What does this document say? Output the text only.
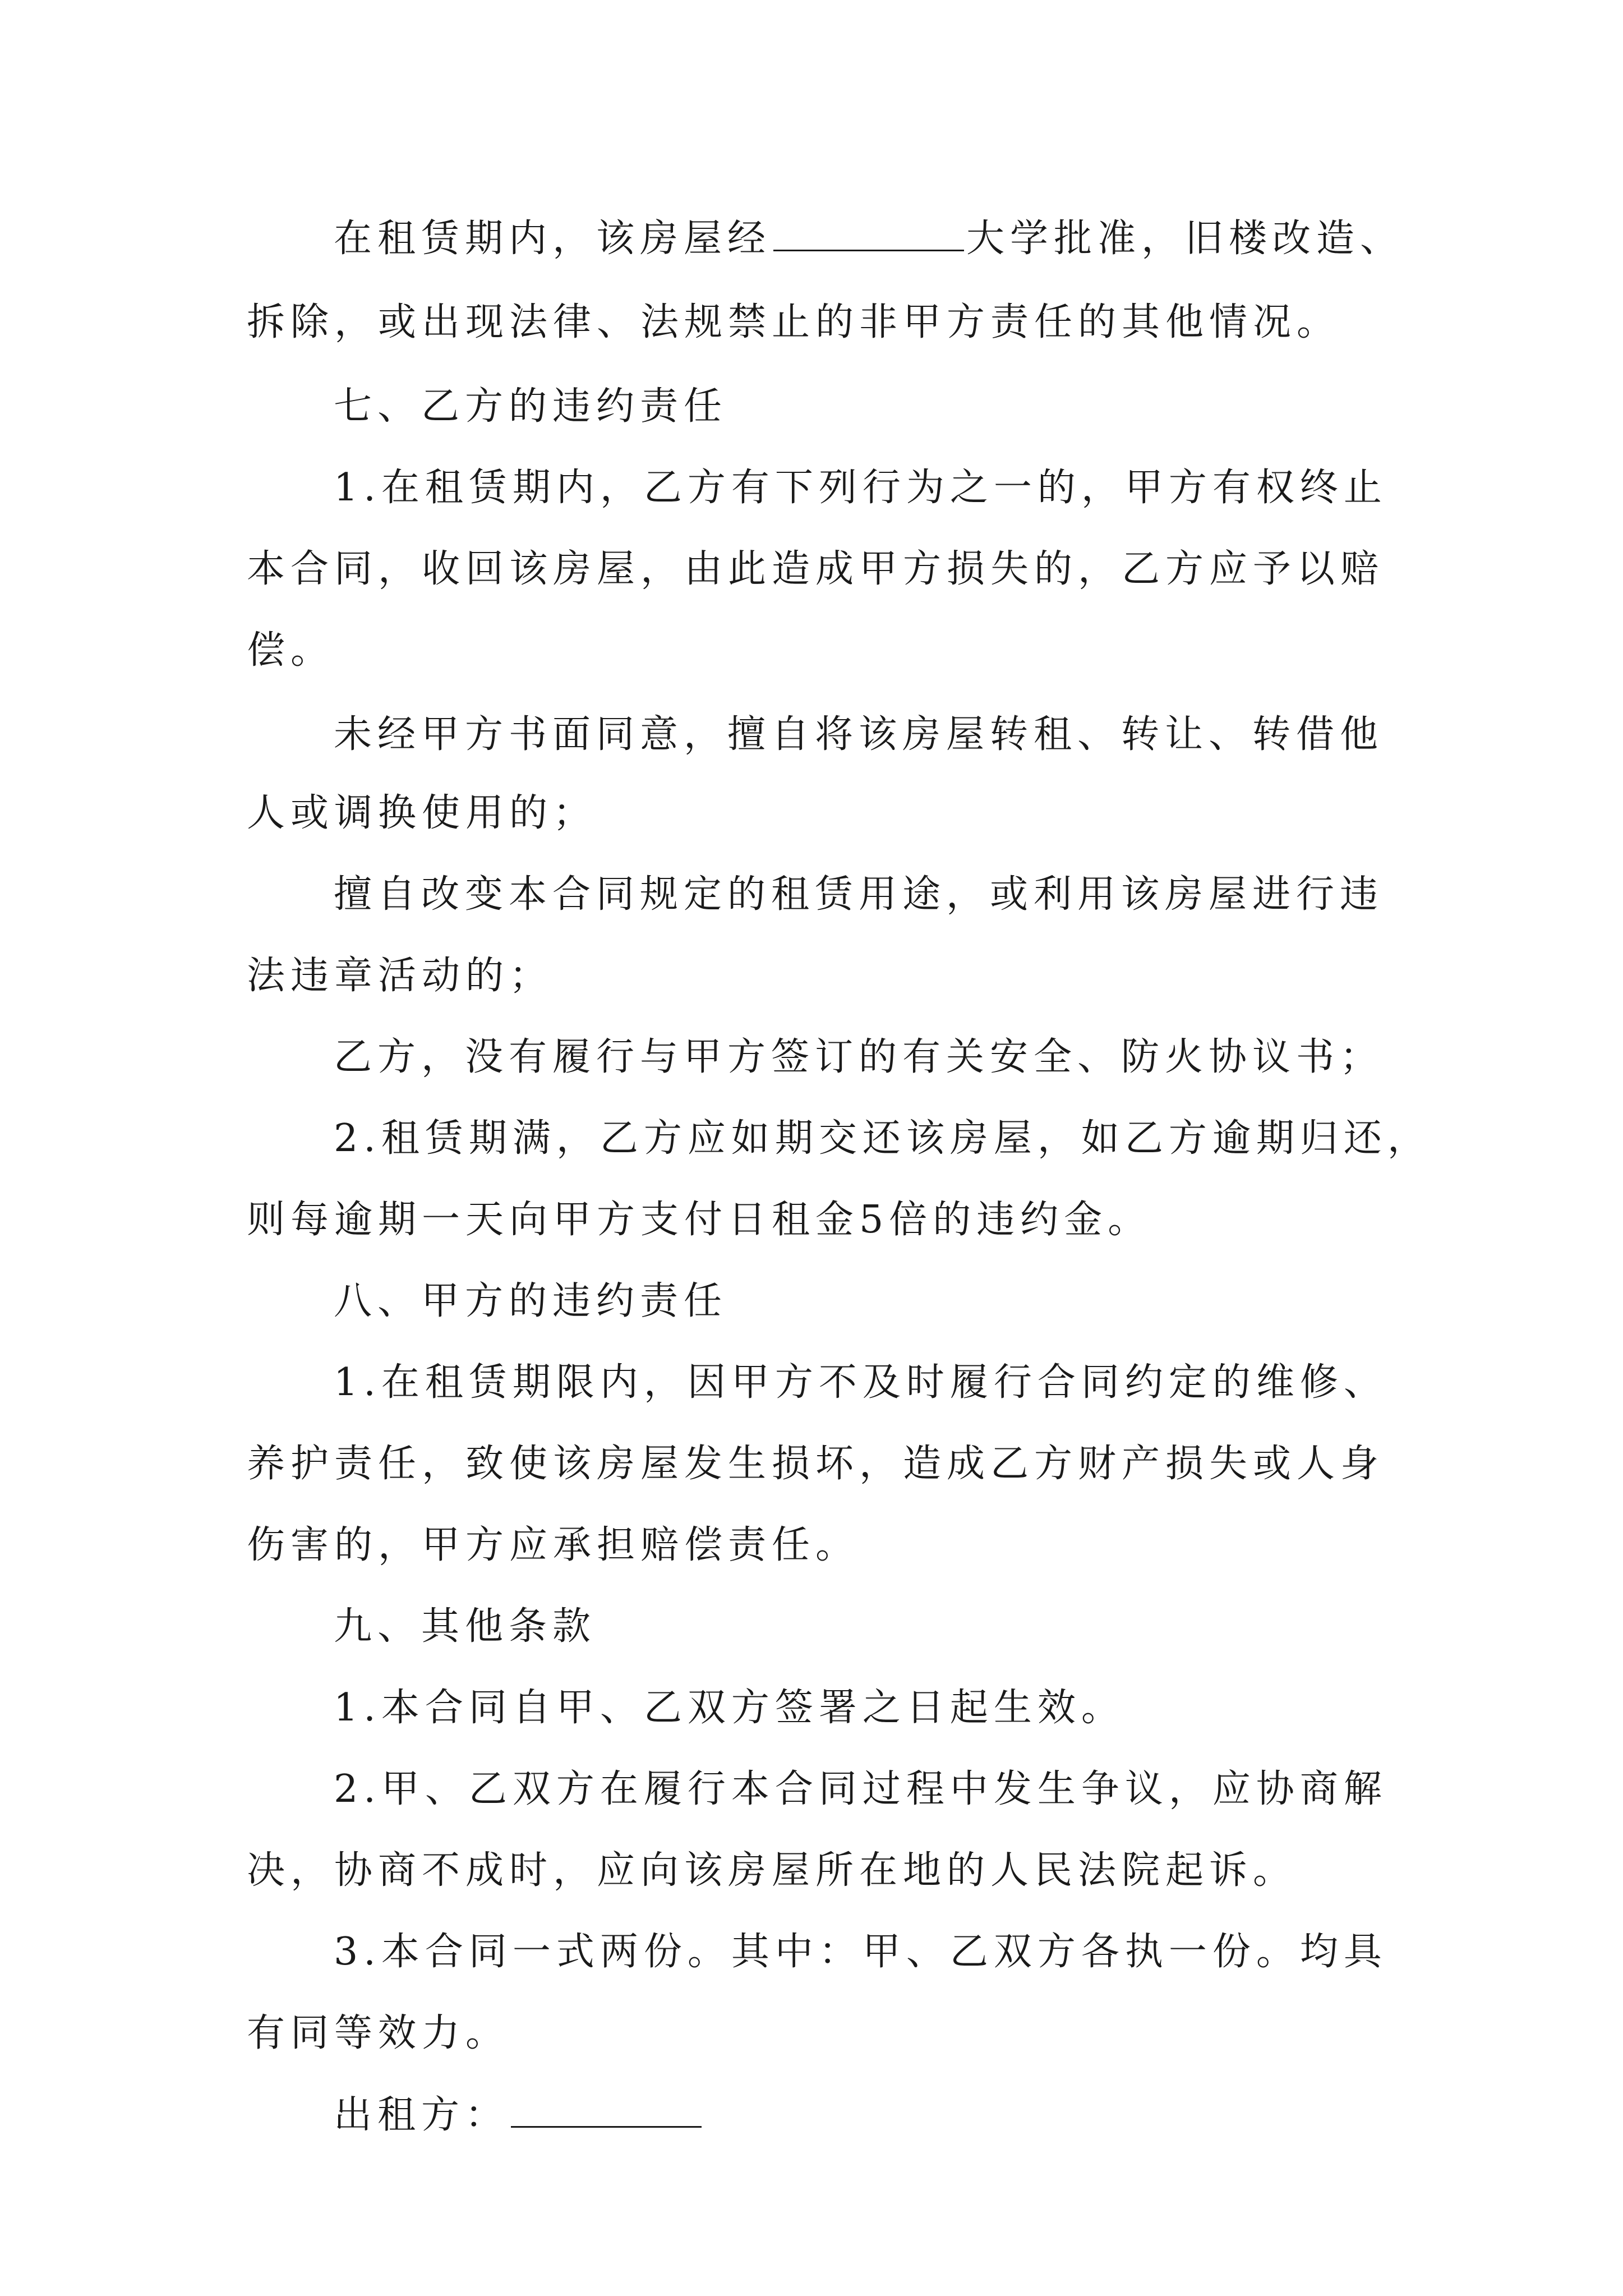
在租赁期内，该房屋经	大学批准，旧楼改造、
拆除，或出现法律、法规禁止的非甲方责任的其他情况。
七、乙方的违约责任
1.在租赁期内，乙方有下列行为之一的，甲方有权终止
本合同，收回该房屋，由此造成甲方损失的，乙方应予以赔
偿。
未经甲方书面同意，擅自将该房屋转租、转让、转借他
人或调换使用的；
擅自改变本合同规定的租赁用途，或利用该房屋进行违
法违章活动的；
乙方，没有履行与甲方签订的有关安全、防火协议书；
2.租赁期满，乙方应如期交还该房屋，如乙方逾期归还，
则每逾期一天向甲方支付日租金5倍的违约金。
八、甲方的违约责任
1.在租赁期限内，因甲方不及时履行合同约定的维修、
养护责任，致使该房屋发生损坏，造成乙方财产损失或人身
伤害的，甲方应承担赔偿责任。
九、其他条款
1.本合同自甲、乙双方签署之日起生效。
2.甲、乙双方在履行本合同过程中发生争议，应协商解
决，协商不成时，应向该房屋所在地的人民法院起诉。
3.本合同一式两份。其中：甲、乙双方各执一份。均具
有同等效力。
出租方：
